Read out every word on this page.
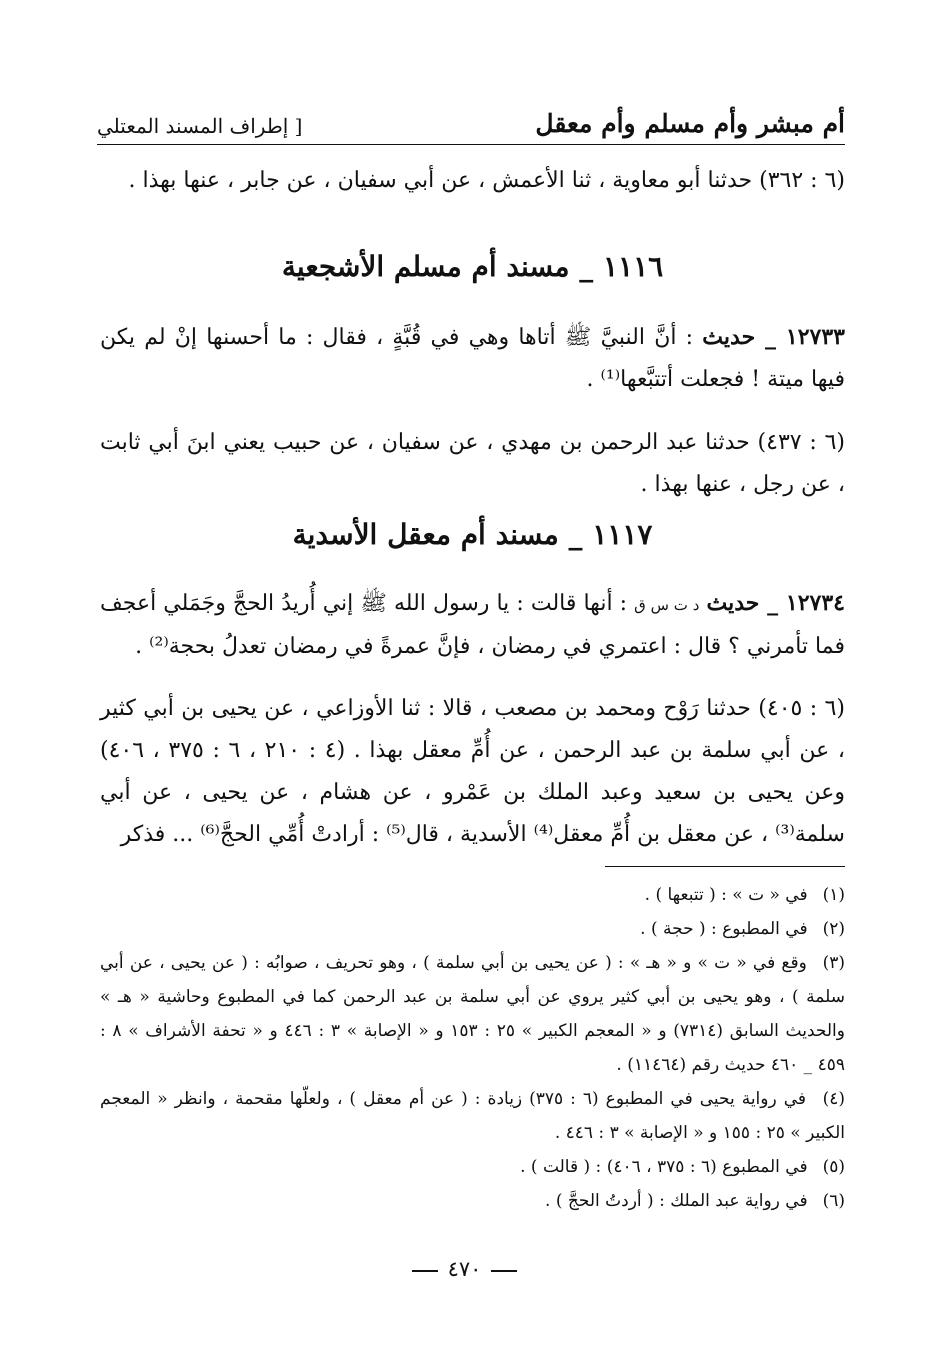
[ إطراف المسند المعتلي	أم مبشر وأم مسلم وأم معقل
(٦ : ٣٦٢) حدثنا أبو معاوية ، ثنا الأعمش ، عن أبي سفيان ، عن جابر ، عنها بهذا .
١١١٦ _ مسند أم مسلم الأشجعية
١٢٧٣٣ _ حديث : أنَّ النبيَّ ﷺ أتاها وهي في قُبَّةٍ ، فقال : ما أحسنها إنْ لم يكن فيها ميتة ! فجعلت أتتبَّعها⁽¹⁾ .
(٦ : ٤٣٧) حدثنا عبد الرحمن بن مهدي ، عن سفيان ، عن حبيب يعني ابنَ أبي ثابت ، عن رجل ، عنها بهذا .
١١١٧ _ مسند أم معقل الأسدية
١٢٧٣٤ _ حديث د ت س ق : أنها قالت : يا رسول الله ﷺ إني أُريدُ الحجَّ وجَمَلي أعجف فما تأمرني ؟ قال : اعتمري في رمضان ، فإنَّ عمرةً في رمضان تعدلُ بحجة⁽²⁾ .
(٦ : ٤٠٥) حدثنا رَوْح ومحمد بن مصعب ، قالا : ثنا الأوزاعي ، عن يحيى بن أبي كثير ، عن أبي سلمة بن عبد الرحمن ، عن أُمِّ معقل بهذا . (٤ : ٢١٠ ، ٦ : ٣٧٥ ، ٤٠٦) وعن يحيى بن سعيد وعبد الملك بن عَمْرو ، عن هشام ، عن يحيى ، عن أبي سلمة⁽³⁾ ، عن معقل بن أُمِّ معقل⁽⁴⁾ الأسدية ، قال⁽⁵⁾ : أرادتْ أُمِّي الحجَّ⁽⁶⁾ ... فذكر
(١) في « ت » : ( تتبعها ) .
(٢) في المطبوع : ( حجة ) .
(٣) وقع في « ت » و « هـ » : ( عن يحيى بن أبي سلمة ) ، وهو تحريف ، صوابُه : ( عن يحيى ، عن أبي سلمة ) ، وهو يحيى بن أبي كثير يروي عن أبي سلمة بن عبد الرحمن كما في المطبوع وحاشية « هـ » والحديث السابق (٧٣١٤) و « المعجم الكبير » ٢٥ : ١٥٣ و « الإصابة » ٣ : ٤٤٦ و « تحفة الأشراف » ٨ : ٤٥٩ _ ٤٦٠ حديث رقم (١١٤٦٤) .
(٤) في رواية يحيى في المطبوع (٦ : ٣٧٥) زيادة : ( عن أم معقل ) ، ولعلّها مقحمة ، وانظر « المعجم الكبير » ٢٥ : ١٥٥ و « الإصابة » ٣ : ٤٤٦ .
(٥) في المطبوع (٦ : ٣٧٥ ، ٤٠٦) : ( قالت ) .
(٦) في رواية عبد الملك : ( أردتُ الحجَّ ) .
٤٧٠
